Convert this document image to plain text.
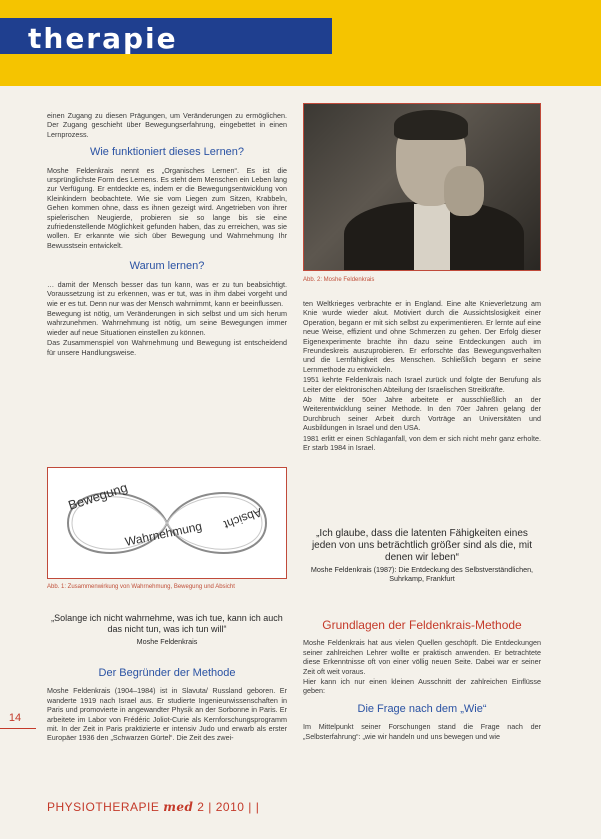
therapie

einen Zugang zu diesen Prägungen, um Veränderungen zu ermöglichen. Der Zugang geschieht über Bewegungserfahrung, eingebettet in einen Lernprozess.

Wie funktioniert dieses Lernen?

Moshe Feldenkrais nennt es „Organisches Lernen“. Es ist die ursprünglichste Form des Lernens. Es steht dem Menschen ein Leben lang zur Verfügung. Er entdeckte es, indem er die Bewegungsentwicklung von Kleinkindern beobachtete. Wie sie vom Liegen zum Sitzen, Krabbeln, Gehen kommen ohne, dass es ihnen gezeigt wird. Angetrieben von ihrer spielerischen Neugierde, probieren sie so lange bis sie eine zufriedenstellende Möglichkeit gefunden haben, das zu erreichen, was sie wollen. Er erkannte wie sich über Bewegung und Wahrnehmung Ihr Bewusstsein entwickelt.

Warum lernen?

… damit der Mensch besser das tun kann, was er zu tun beabsichtigt. Voraussetzung ist zu erkennen, was er tut, was in ihm dabei vorgeht und wie er es tut. Denn nur was der Mensch wahrnimmt, kann er beeinflussen.

Bewegung ist nötig, um Veränderungen in sich selbst und um sich herum wahrzunehmen. Wahrnehmung ist nötig, um seine Bewegungen immer wieder auf neue Situationen einstellen zu können.

Das Zusammenspiel von Wahrnehmung und Bewegung ist entscheidend für unsere Handlungsweise.

Bewegung
Wahrnehmung
Absicht
Abb. 1: Zusammenwirkung von Wahrnehmung, Bewegung und Absicht
„Solange ich nicht wahrnehme, was ich tue, kann ich auch das nicht tun, was ich tun will“
Moshe Feldenkrais
Der Begründer der Methode

Moshe Feldenkrais (1904–1984) ist in Slavuta/ Russland geboren. Er wanderte 1919 nach Israel aus. Er studierte Ingenieurwissenschaften in Paris und promovierte in angewandter Physik an der Sorbonne in Paris. Er arbeitete im Labor von Frédéric Joliot-Curie als Kernforschungsprogramm mit. In der Zeit in Paris praktizierte er intensiv Judo und erwarb als erster Europäer 1936 den „Schwarzen Gürtel“. Die Zeit des zwei-

Abb. 2: Moshe Feldenkrais

ten Weltkrieges verbrachte er in England. Eine alte Knieverletzung am Knie wurde wieder akut. Motiviert durch die Aussichtslosigkeit einer Operation, begann er mit sich selbst zu experimentieren. Er lernte auf eine neue Weise, effizient und ohne Schmerzen zu gehen. Der Erfolg dieser Eigenexperimente brachte ihn dazu seine Entdeckungen auch im Freundeskreis auszuprobieren. Er erforschte das Bewegungsverhalten und die Lernfähigkeit des Menschen. Schließlich begann er seine Lernmethode zu entwickeln.

1951 kehrte Feldenkrais nach Israel zurück und folgte der Berufung als Leiter der elektronischen Abteilung der Israelischen Streitkräfte.

Ab Mitte der 50er Jahre arbeitete er ausschließlich an der Weiterentwicklung seiner Methode. In den 70er Jahren gelang der Durchbruch seiner Arbeit durch Vorträge an Universitäten und Ausbildungen in Israel und den USA.

1981 erlitt er einen Schlaganfall, von dem er sich nicht mehr ganz erholte. Er starb 1984 in Israel.

„Ich glaube, dass die latenten Fähigkeiten eines jeden von uns beträchtlich größer sind als die, mit denen wir leben“
Moshe Feldenkrais (1987): Die Entdeckung des Selbstverständlichen, Suhrkamp, Frankfurt
Grundlagen der Feldenkrais-Methode

Moshe Feldenkrais hat aus vielen Quellen geschöpft. Die Entdeckungen seiner zahlreichen Lehrer wollte er praktisch anwenden. Er betrachtete diese Erkenntnisse oft von einer völlig neuen Seite. Dabei war er seiner Zeit oft weit voraus.

Hier kann ich nur einen kleinen Ausschnitt der zahlreichen Einflüsse geben:

Die Frage nach dem „Wie“

Im Mittelpunkt seiner Forschungen stand die Frage nach der „Selbsterfahrung“: „wie wir handeln und uns bewegen und wie

14
PHYSIOTHERAPIE med 2 | 2010 | |
